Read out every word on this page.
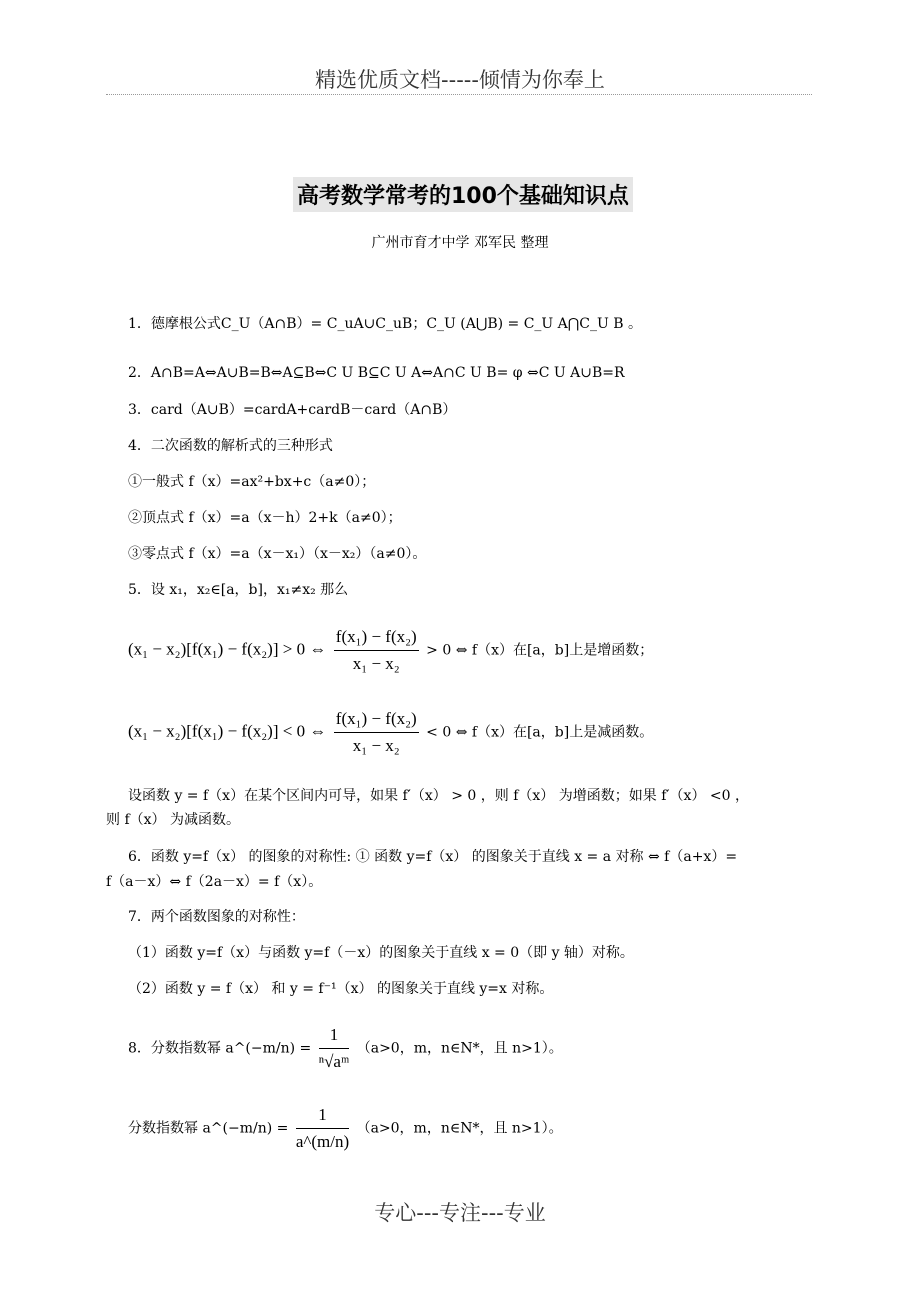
精选优质文档-----倾情为你奉上
高考数学常考的100个基础知识点
广州市育才中学 邓军民 整理
1．德摩根公式C_U（A∩B）= C_uA∪C_uB；C_U (A⋃B) = C_U A⋂C_U B 。
2．A∩B=A⇔A∪B=B⇔A⊆B⇔C U B⊆C U A⇔A∩C U B= φ ⇔C U A∪B=R
3．card（A∪B）=cardA+cardB－card（A∩B）
4．二次函数的解析式的三种形式
①一般式 f（x）=ax²+bx+c（a≠0）；
②顶点式 f（x）=a（x－h）2+k（a≠0）；
③零点式 f（x）=a（x－x₁）（x－x₂）（a≠0）。
5．设 x₁，x₂∈[a，b]，x₁≠x₂ 那么
(x₁ − x₂)[f(x₁) − f(x₂)] > 0 ⇔ $\frac{\text{f(x₁) − f(x₂)}}{\text{x₁ − x₂}} > 0$ ⇔ f（x）在[a，b]上是增函数；
(x₁ − x₂)[f(x₁) − f(x₂)] < 0 ⇔ $\frac{\text{f(x₁) − f(x₂)}}{\text{x₁ − x₂}} < 0$ ⇔ f（x）在[a，b]上是减函数。
设函数 y = f（x）在某个区间内可导，如果 f′（x） > 0 ，则 f（x） 为增函数；如果 f′（x） <0 ，
则 f（x） 为减函数。
6．函数 y=f（x） 的图象的对称性: ① 函数 y=f（x） 的图象关于直线 x = a 对称 ⇔ f（a+x）=
f（a－x）⇔ f（2a－x）= f（x）。
7．两个函数图象的对称性：
（1）函数 y=f（x）与函数 y=f（－x）的图象关于直线 x = 0（即 y 轴）对称。
（2）函数 y = f（x） 和 y = f⁻¹（x） 的图象关于直线 y=x 对称。
8．分数指数幂 a^(−m/n) = $\frac{1}{\text{ⁿ√aᵐ}} (a>0$，m，n∈N*，且 n>1）。
分数指数幂 a^(−m/n) = $\frac{1}{a\^{}(m/n)} (a>0$，m，n∈N*，且 n>1）。
专心---专注---专业
